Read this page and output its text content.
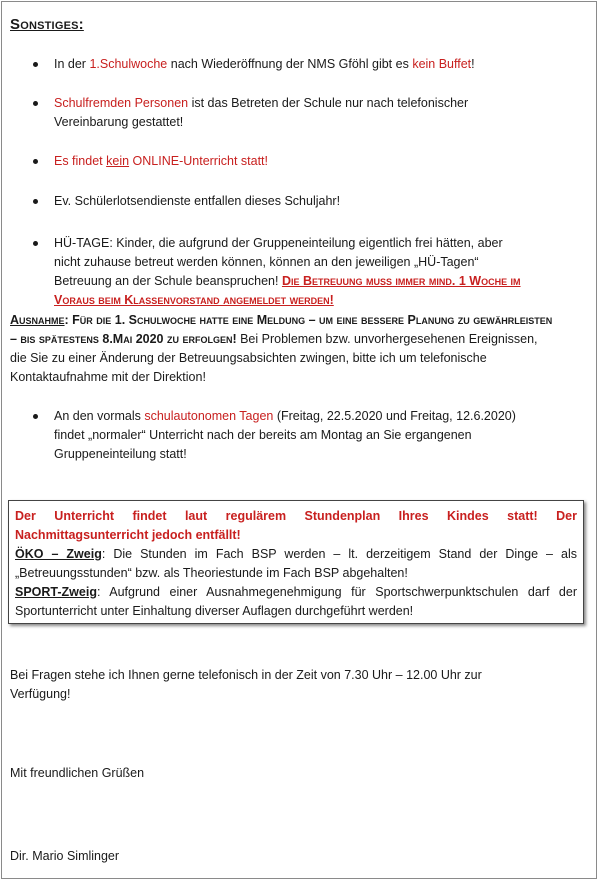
Sonstiges:
In der 1.Schulwoche nach Wiederöffnung der NMS Gföhl gibt es kein Buffet!
Schulfremden Personen ist das Betreten der Schule nur nach telefonischer
Vereinbarung gestattet!
Es findet kein ONLINE-Unterricht statt!
Ev. Schülerlotsendienste entfallen dieses Schuljahr!
HÜ-TAGE: Kinder, die aufgrund der Gruppeneinteilung eigentlich frei hätten, aber
nicht zuhause betreut werden können, können an den jeweiligen „HÜ-Tagen“
Betreuung an der Schule beanspruchen! Die Betreuung muss immer mind. 1 Woche im
Voraus beim Klassenvorstand angemeldet werden!
An den vormals schulautonomen Tagen (Freitag, 22.5.2020 und Freitag, 12.6.2020)
findet „normaler“ Unterricht nach der bereits am Montag an Sie ergangenen
Gruppeneinteilung statt!
Ausnahme: Für die 1. Schulwoche hatte eine Meldung – um eine bessere Planung zu gewährleisten
– bis spätestens 8.Mai 2020 zu erfolgen! Bei Problemen bzw. unvorhergesehenen Ereignissen,
die Sie zu einer Änderung der Betreuungsabsichten zwingen, bitte ich um telefonische
Kontaktaufnahme mit der Direktion!
Der Unterricht findet laut regulärem Stundenplan Ihres Kindes statt! Der
Nachmittagsunterricht jedoch entfällt!
ÖKO – Zweig: Die Stunden im Fach BSP werden – lt. derzeitigem Stand der Dinge – als
„Betreuungsstunden“ bzw. als Theoriestunde im Fach BSP abgehalten!
SPORT-Zweig: Aufgrund einer Ausnahmegenehmigung für Sportschwerpunktschulen darf der
Sportunterricht unter Einhaltung diverser Auflagen durchgeführt werden!
Bei Fragen stehe ich Ihnen gerne telefonisch in der Zeit von 7.30 Uhr – 12.00 Uhr zur
Verfügung!
Mit freundlichen Grüßen
Dir. Mario Simlinger
